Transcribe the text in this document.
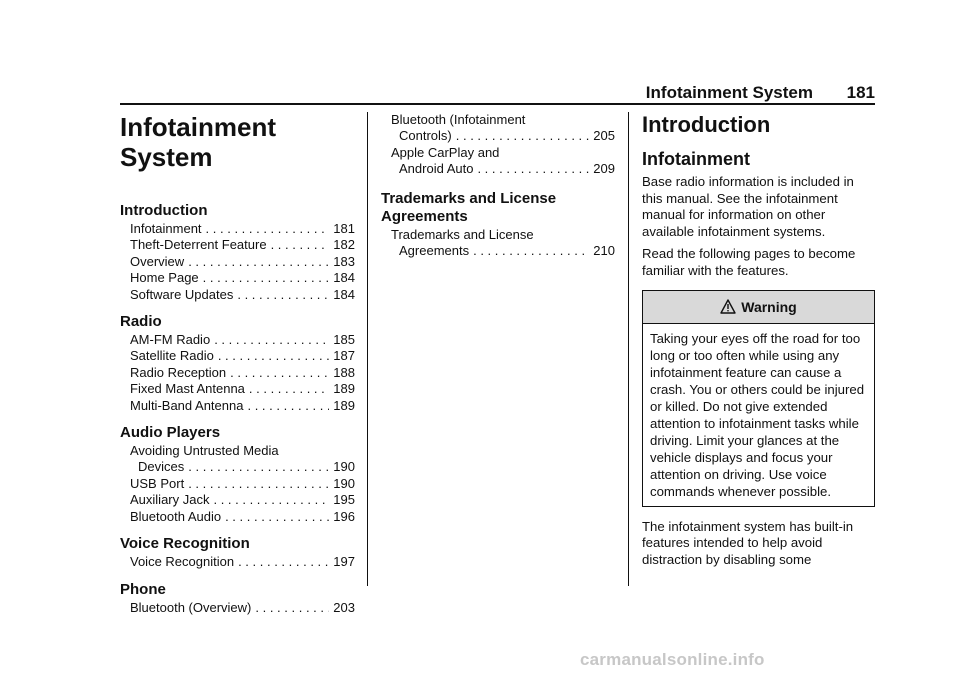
Infotainment System 181
Infotainment
System
Introduction
Infotainment . . .	181
Theft-Deterrent Feature . . .	182
Overview . . .	183
Home Page . . .	184
Software Updates . . .	184
Radio
AM-FM Radio . . .	185
Satellite Radio . . .	187
Radio Reception . . .	188
Fixed Mast Antenna . . .	189
Multi-Band Antenna . . .	189
Audio Players
Avoiding Untrusted Media
Devices . . .	190
USB Port . . .	190
Auxiliary Jack . . .	195
Bluetooth Audio . . .	196
Voice Recognition
Voice Recognition . . .	197
Phone
Bluetooth (Overview) . . .	203
Bluetooth (Infotainment
Controls) . . .	205
Apple CarPlay and
Android Auto . . .	209
Trademarks and License
Agreements
Trademarks and License
Agreements . . .	210
Introduction
Infotainment

Base radio information is included in this manual. See the infotainment manual for information on other available infotainment systems.

Read the following pages to become familiar with the features.

Warning
Taking your eyes off the road for too long or too often while using any infotainment feature can cause a crash. You or others could be injured or killed. Do not give extended attention to infotainment tasks while driving. Limit your glances at the vehicle displays and focus your attention on driving. Use voice commands whenever possible.

The infotainment system has built-in features intended to help avoid distraction by disabling some

carmanualsonline.info
